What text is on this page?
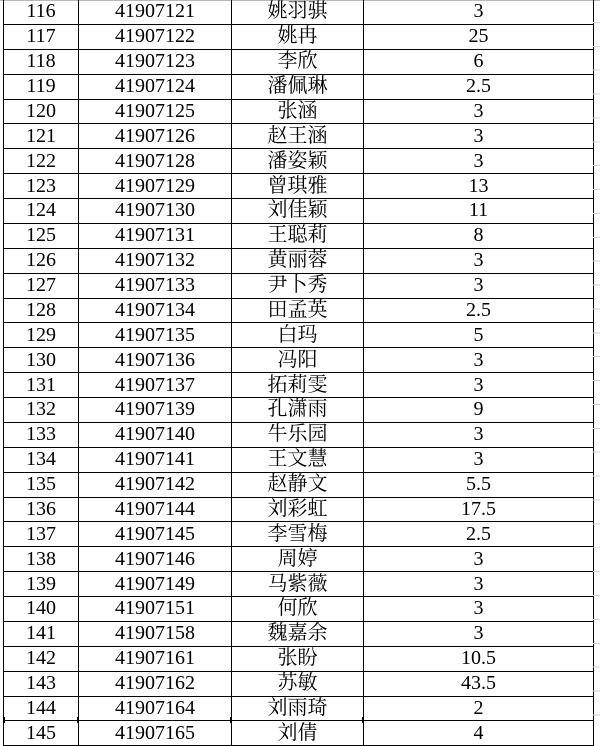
116	41907121	姚羽骐	3
117	41907122	姚冉	25
118	41907123	李欣	6
119	41907124	潘佩琳	2.5
120	41907125	张涵	3
121	41907126	赵王涵	3
122	41907128	潘姿颖	3
123	41907129	曾琪雅	13
124	41907130	刘佳颖	11
125	41907131	王聪莉	8
126	41907132	黄丽蓉	3
127	41907133	尹卜秀	3
128	41907134	田孟英	2.5
129	41907135	白玛	5
130	41907136	冯阳	3
131	41907137	拓莉雯	3
132	41907139	孔潇雨	9
133	41907140	牛乐园	3
134	41907141	王文慧	3
135	41907142	赵静文	5.5
136	41907144	刘彩虹	17.5
137	41907145	李雪梅	2.5
138	41907146	周婷	3
139	41907149	马紫薇	3
140	41907151	何欣	3
141	41907158	魏嘉余	3
142	41907161	张盼	10.5
143	41907162	苏敏	43.5
144	41907164	刘雨琦	2
145	41907165	刘倩	4
